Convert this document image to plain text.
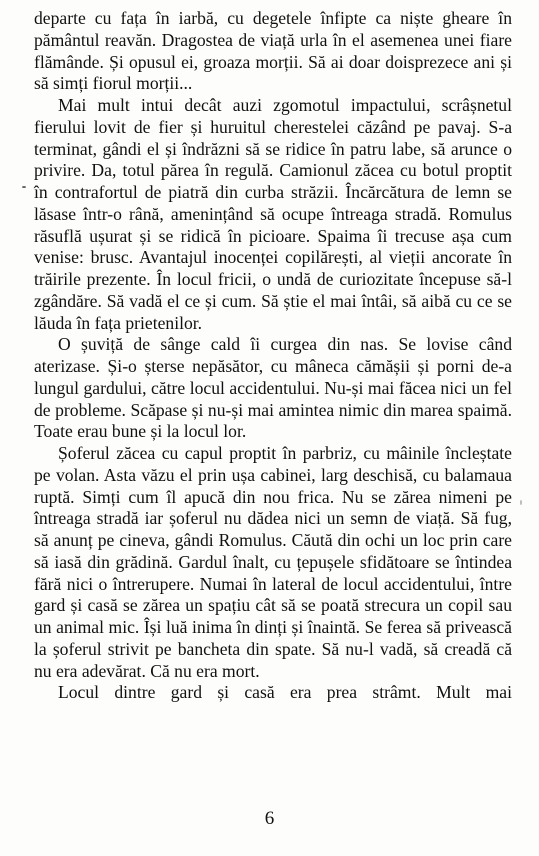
departe cu fața în iarbă, cu degetele înfipte ca niște gheare în pământul reavăn. Dragostea de viață urla în el asemenea unei fiare flămânde. Și opusul ei, groaza morții. Să ai doar doisprezece ani și să simți fiorul morții...

Mai mult intui decât auzi zgomotul impactului, scrâșnetul fierului lovit de fier și huruitul cherestelei căzând pe pavaj. S-a terminat, gândi el și îndrăzni să se ridice în patru labe, să arunce o privire. Da, totul părea în regulă. Camionul zăcea cu botul proptit în contrafortul de piatră din curba străzii. Încărcătura de lemn se lăsase într-o rână, amenințând să ocupe întreaga stradă. Romulus răsuflă ușurat și se ridică în picioare. Spaima îi trecuse așa cum venise: brusc. Avantajul inocenței copilărești, al vieții ancorate în trăirile prezente. În locul fricii, o undă de curiozitate începuse să-l zgândăre. Să vadă el ce și cum. Să știe el mai întâi, să aibă cu ce se lăuda în fața prietenilor.

O șuviță de sânge cald îi curgea din nas. Se lovise când aterizase. Și-o șterse nepăsător, cu mâneca cămășii și porni de-a lungul gardului, către locul accidentului. Nu-și mai făcea nici un fel de probleme. Scăpase și nu-și mai amintea nimic din marea spaimă. Toate erau bune și la locul lor.

Șoferul zăcea cu capul proptit în parbriz, cu mâinile încleștate pe volan. Asta văzu el prin ușa cabinei, larg deschisă, cu balamaua ruptă. Simți cum îl apucă din nou frica. Nu se zărea nimeni pe întreaga stradă iar șoferul nu dădea nici un semn de viață. Să fug, să anunț pe cineva, gândi Romulus. Căută din ochi un loc prin care să iasă din grădină. Gardul înalt, cu țepușele sfidătoare se întindea fără nici o întrerupere. Numai în lateral de locul accidentului, între gard și casă se zărea un spațiu cât să se poată strecura un copil sau un animal mic. Își luă inima în dinți și înaintă. Se ferea să privească la șoferul strivit pe bancheta din spate. Să nu-l vadă, să creadă că nu era adevărat. Că nu era mort.

Locul dintre gard și casă era prea strâmt. Mult mai

6
